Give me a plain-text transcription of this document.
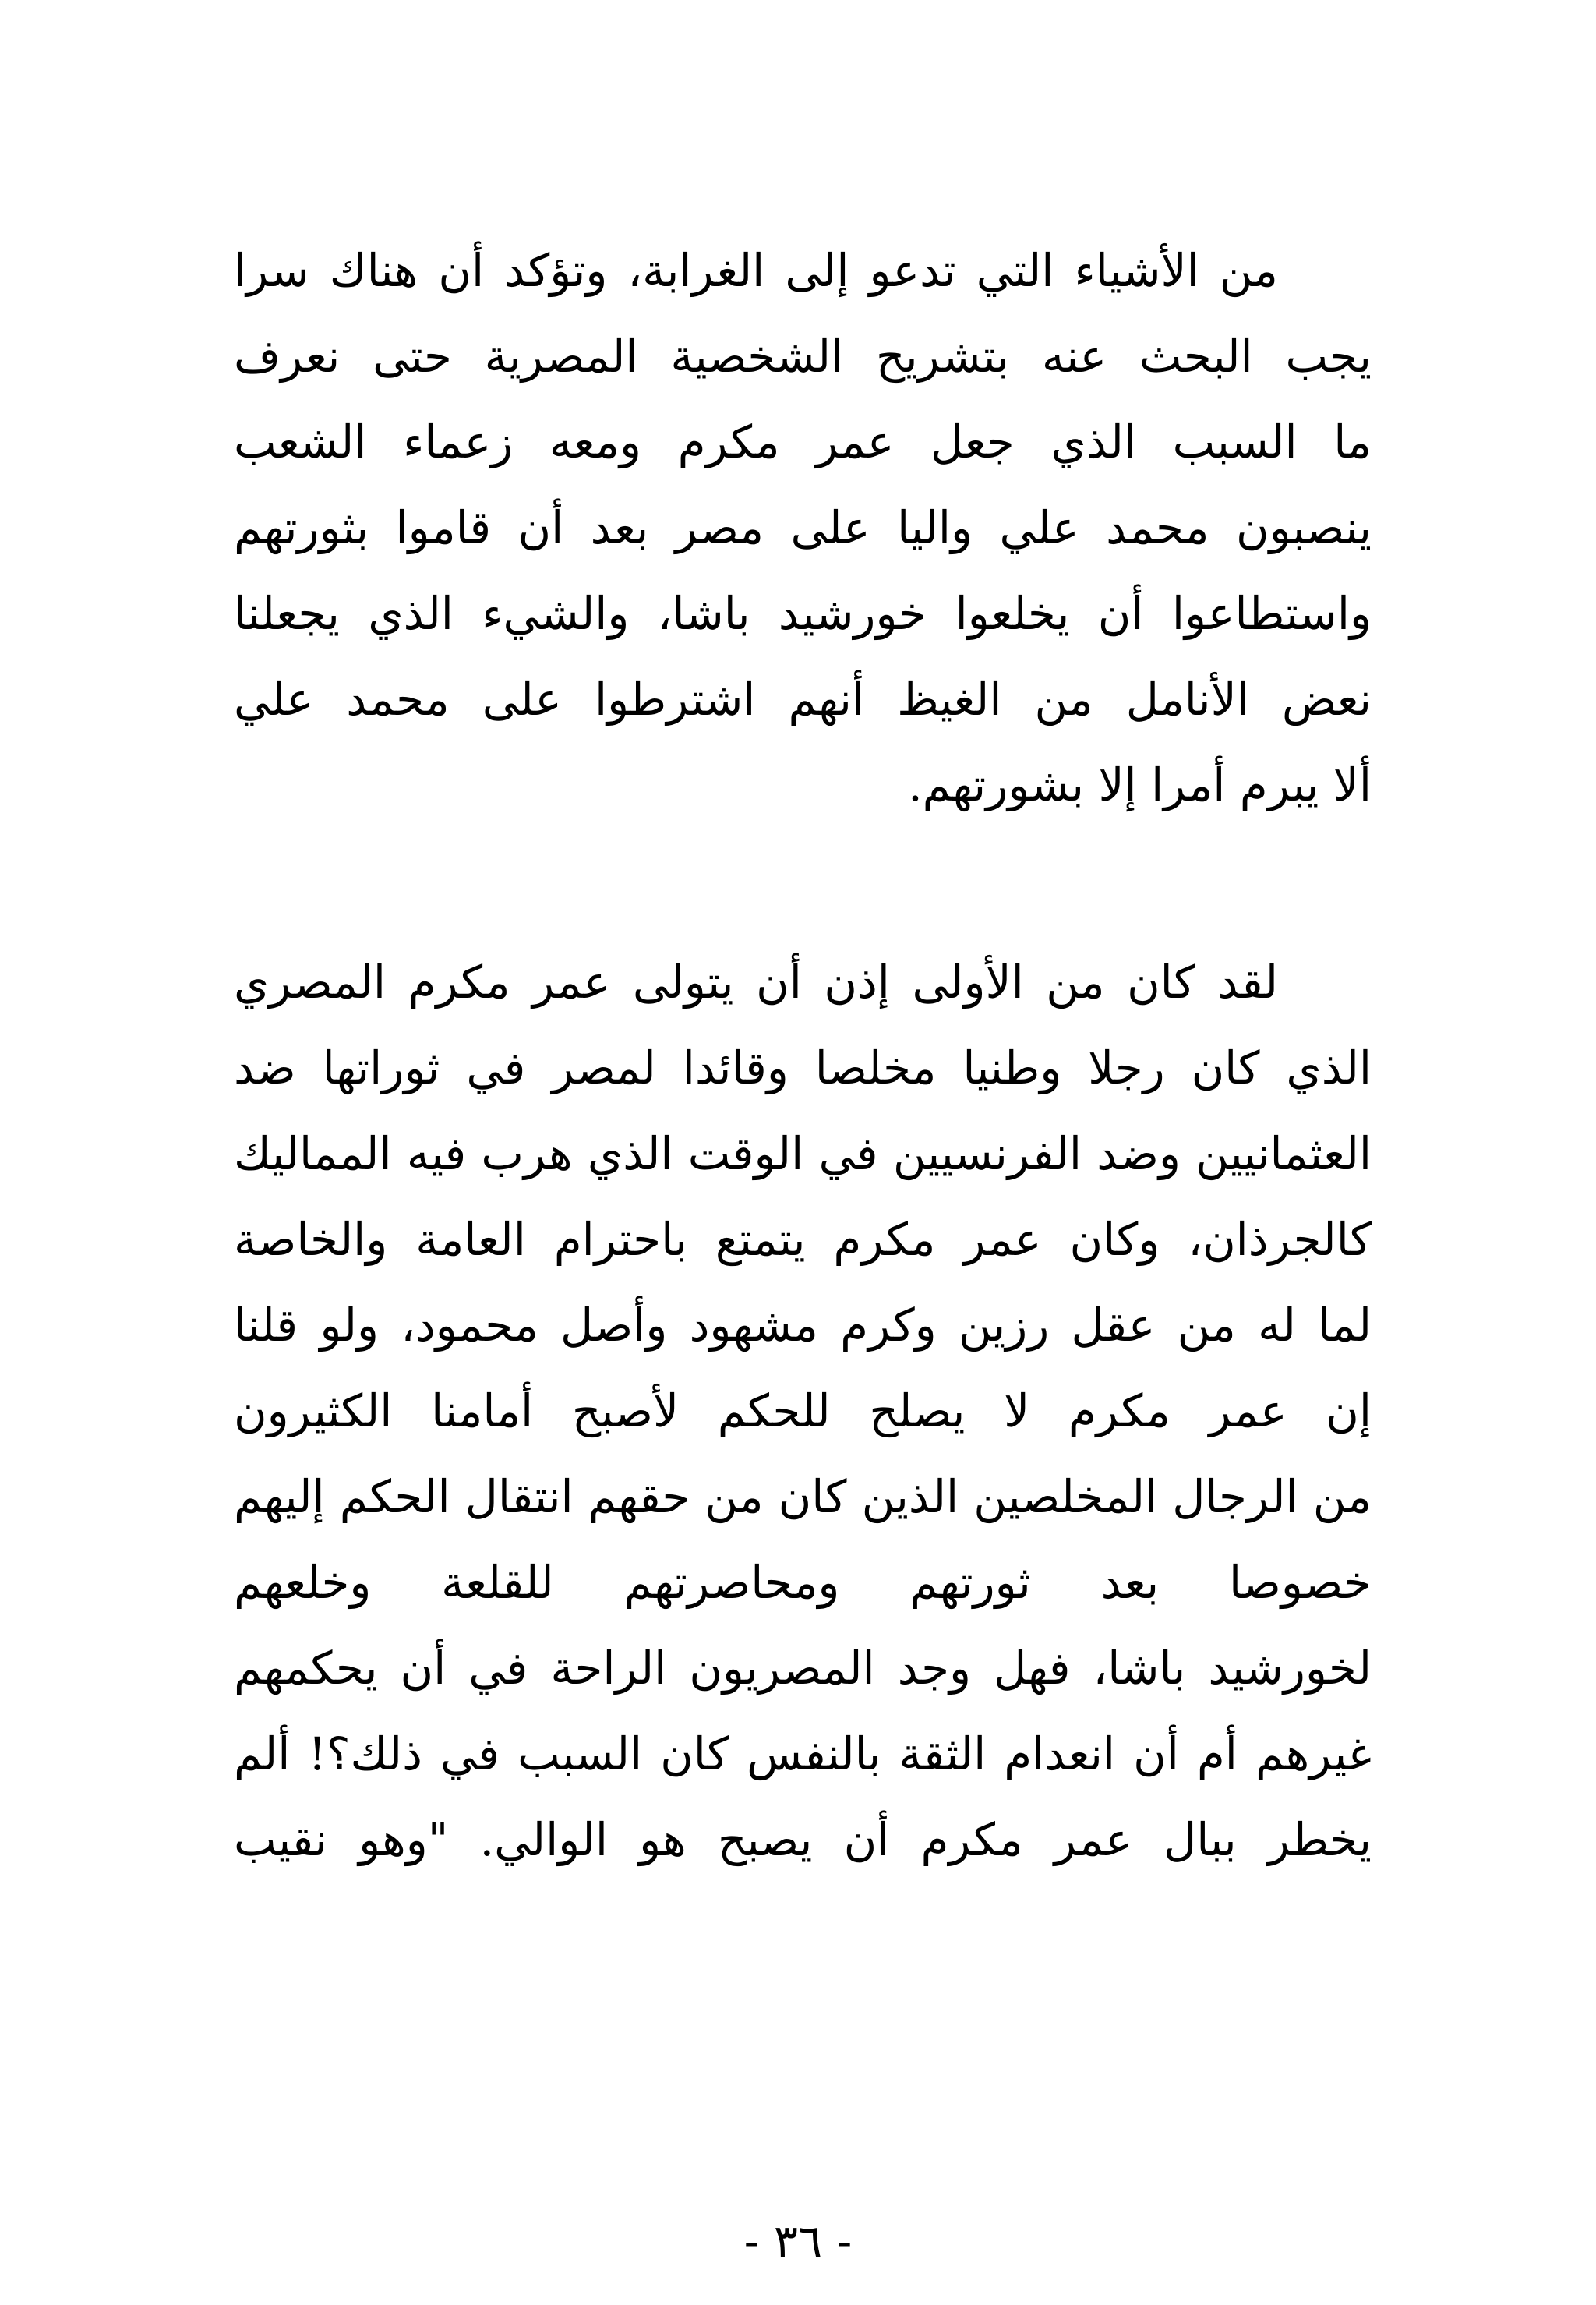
من الأشياء التي تدعو إلى الغرابة، وتؤكد أن هناك سرا
يجب البحث عنه بتشريح الشخصية المصرية حتى نعرف
ما السبب الذي جعل عمر مكرم ومعه زعماء الشعب
ينصبون محمد علي واليا على مصر بعد أن قاموا بثورتهم
واستطاعوا أن يخلعوا خورشيد باشا، والشيء الذي يجعلنا
نعض الأنامل من الغيظ أنهم اشترطوا على محمد علي
ألا يبرم أمرا إلا بشورتهم.
لقد كان من الأولى إذن أن يتولى عمر مكرم المصري
الذي كان رجلا وطنيا مخلصا وقائدا لمصر في ثوراتها ضد
العثمانيين وضد الفرنسيين في الوقت الذي هرب فيه المماليك
كالجرذان، وكان عمر مكرم يتمتع باحترام العامة والخاصة
لما له من عقل رزين وكرم مشهود وأصل محمود، ولو قلنا
إن عمر مكرم لا يصلح للحكم لأصبح أمامنا الكثيرون
من الرجال المخلصين الذين كان من حقهم انتقال الحكم إليهم
خصوصا بعد ثورتهم ومحاصرتهم للقلعة وخلعهم
لخورشيد باشا، فهل وجد المصريون الراحة في أن يحكمهم
غيرهم أم أن انعدام الثقة بالنفس كان السبب في ذلك؟! ألم
يخطر ببال عمر مكرم أن يصبح هو الوالي. "وهو نقيب
- ٣٦ -
